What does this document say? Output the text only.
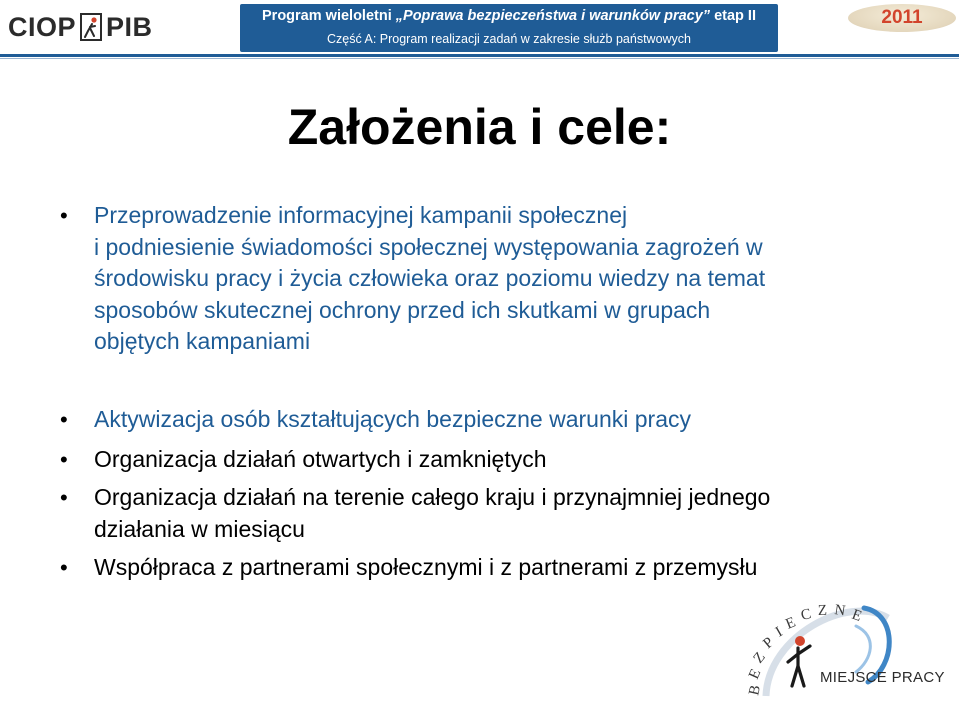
CIOP PIB	Program wieloletni „Poprawa bezpieczeństwa i warunków pracy” etap II
Część A: Program realizacji zadań w zakresie służb państwowych
2011
Założenia i cele:
• Przeprowadzenie informacyjnej kampanii społecznej
i podniesienie świadomości społecznej występowania zagrożeń w
środowisku pracy i życia człowieka oraz poziomu wiedzy na temat
sposobów skutecznej ochrony przed ich skutkami w grupach
objętych kampaniami
• Aktywizacja osób kształtujących bezpieczne warunki pracy
• Organizacja działań otwartych i zamkniętych
• Organizacja działań na terenie całego kraju i przynajmniej jednego
działania w miesiącu
• Współpraca z partnerami społecznymi i z partnerami z przemysłu
B
E
Z
P
I
E C Z N E
MIEJSCE PRACY
